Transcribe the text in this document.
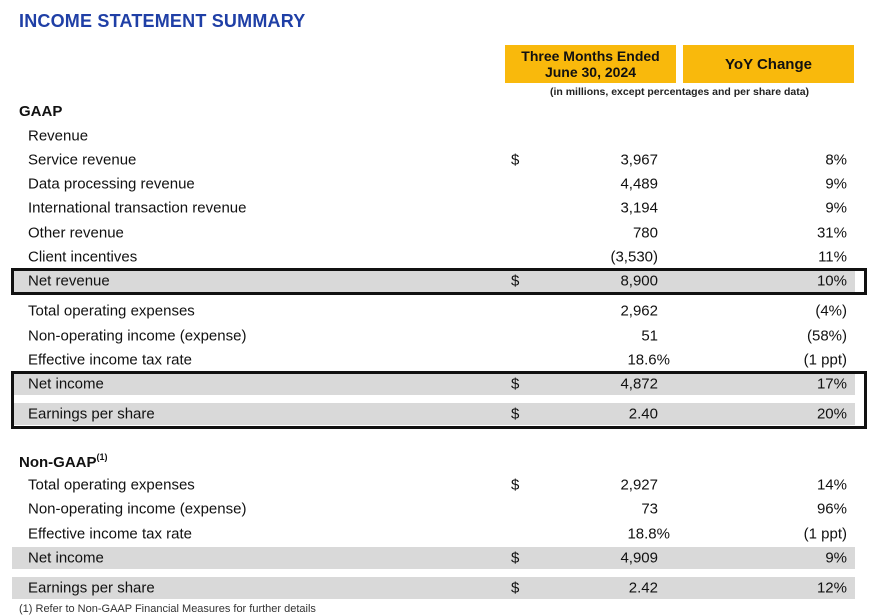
INCOME STATEMENT SUMMARY
Three Months Ended
June 30, 2024	YoY Change
(in millions, except percentages and per share data)
GAAP
Revenue
Service revenue	$	3,967	8%
Data processing revenue	4,489	9%
International transaction revenue	3,194	9%
Other revenue	780	31%
Client incentives	(3,530)	11%
Net revenue	$	8,900	10%
Total operating expenses	2,962	(4%)
Non-operating income (expense)	51	(58%)
Effective income tax rate	18.6%	(1 ppt)
Net income	$	4,872	17%
Earnings per share	$	2.40	20%
Non-GAAP$^{(1)}$
Total operating expenses	$	2,927	14%
Non-operating income (expense)	73	96%
Effective income tax rate	18.8%	(1 ppt)
Net income	$	4,909	9%
Earnings per share	$	2.42	12%
(1) Refer to Non-GAAP Financial Measures for further details
